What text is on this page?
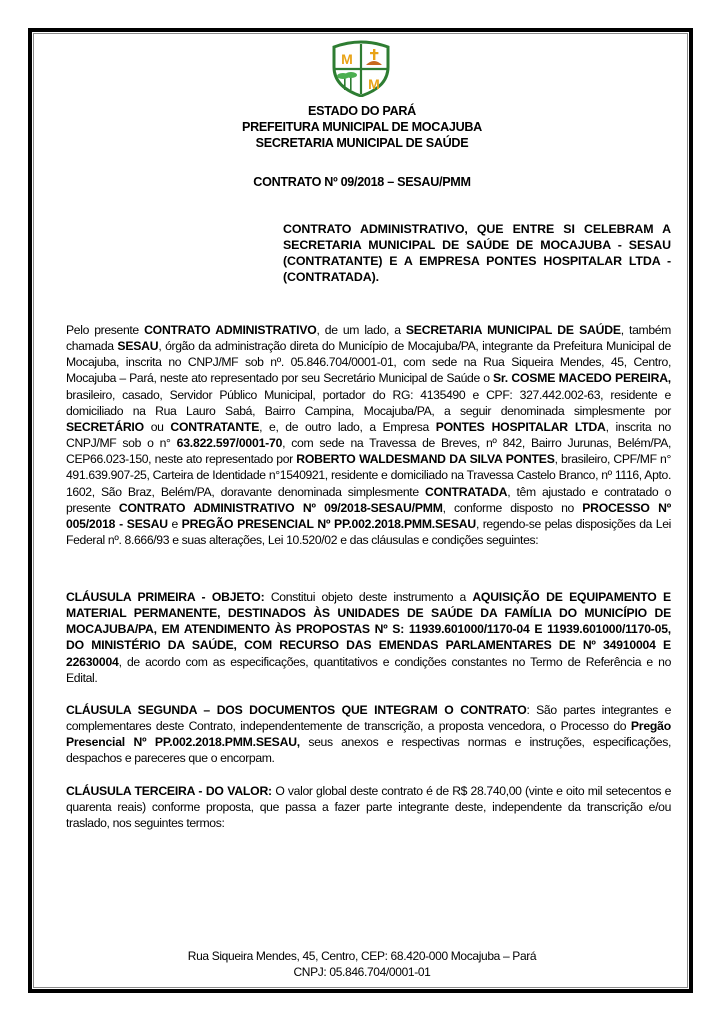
M
M
ESTADO DO PARÁ
PREFEITURA MUNICIPAL DE MOCAJUBA
SECRETARIA MUNICIPAL DE SAÚDE
CONTRATO Nº 09/2018 – SESAU/PMM
CONTRATO ADMINISTRATIVO, QUE ENTRE SI CELEBRAM A SECRETARIA MUNICIPAL DE SAÚDE DE MOCAJUBA - SESAU (CONTRATANTE) E A EMPRESA PONTES HOSPITALAR LTDA - (CONTRATADA).
Pelo presente CONTRATO ADMINISTRATIVO, de um lado, a SECRETARIA MUNICIPAL DE SAÚDE, também chamada SESAU, órgão da administração direta do Município de Mocajuba/PA, integrante da Prefeitura Municipal de Mocajuba, inscrita no CNPJ/MF sob nº. 05.846.704/0001-01, com sede na Rua Siqueira Mendes, 45, Centro, Mocajuba – Pará, neste ato representado por seu Secretário Municipal de Saúde o Sr. COSME MACEDO PEREIRA, brasileiro, casado, Servidor Público Municipal, portador do RG: 4135490 e CPF: 327.442.002-63, residente e domiciliado na Rua Lauro Sabá, Bairro Campina, Mocajuba/PA, a seguir denominada simplesmente por SECRETÁRIO ou CONTRATANTE, e, de outro lado, a Empresa PONTES HOSPITALAR LTDA, inscrita no CNPJ/MF sob o n° 63.822.597/0001-70, com sede na Travessa de Breves, nº 842, Bairro Jurunas, Belém/PA, CEP66.023-150, neste ato representado por ROBERTO WALDESMAND DA SILVA PONTES, brasileiro, CPF/MF n° 491.639.907-25, Carteira de Identidade n°1540921, residente e domiciliado na Travessa Castelo Branco, nº 1116, Apto. 1602, São Braz, Belém/PA, doravante denominada simplesmente CONTRATADA, têm ajustado e contratado o presente CONTRATO ADMINISTRATIVO Nº 09/2018-SESAU/PMM, conforme disposto no PROCESSO Nº 005/2018 - SESAU e PREGÃO PRESENCIAL Nº PP.002.2018.PMM.SESAU, regendo-se pelas disposições da Lei Federal nº. 8.666/93 e suas alterações, Lei 10.520/02 e das cláusulas e condições seguintes:
CLÁUSULA PRIMEIRA - OBJETO: Constitui objeto deste instrumento a AQUISIÇÃO DE EQUIPAMENTO E MATERIAL PERMANENTE, DESTINADOS ÀS UNIDADES DE SAÚDE DA FAMÍLIA DO MUNICÍPIO DE MOCAJUBA/PA, EM ATENDIMENTO ÀS PROPOSTAS Nº S: 11939.601000/1170-04 E 11939.601000/1170-05, DO MINISTÉRIO DA SAÚDE, COM RECURSO DAS EMENDAS PARLAMENTARES DE Nº 34910004 E 22630004, de acordo com as especificações, quantitativos e condições constantes no Termo de Referência e no Edital.
CLÁUSULA SEGUNDA – DOS DOCUMENTOS QUE INTEGRAM O CONTRATO: São partes integrantes e complementares deste Contrato, independentemente de transcrição, a proposta vencedora, o Processo do Pregão Presencial Nº PP.002.2018.PMM.SESAU, seus anexos e respectivas normas e instruções, especificações, despachos e pareceres que o encorpam.
CLÁUSULA TERCEIRA - DO VALOR: O valor global deste contrato é de R$ 28.740,00 (vinte e oito mil setecentos e quarenta reais) conforme proposta, que passa a fazer parte integrante deste, independente da transcrição e/ou traslado, nos seguintes termos:
Rua Siqueira Mendes, 45, Centro, CEP: 68.420-000 Mocajuba – Pará
CNPJ: 05.846.704/0001-01
